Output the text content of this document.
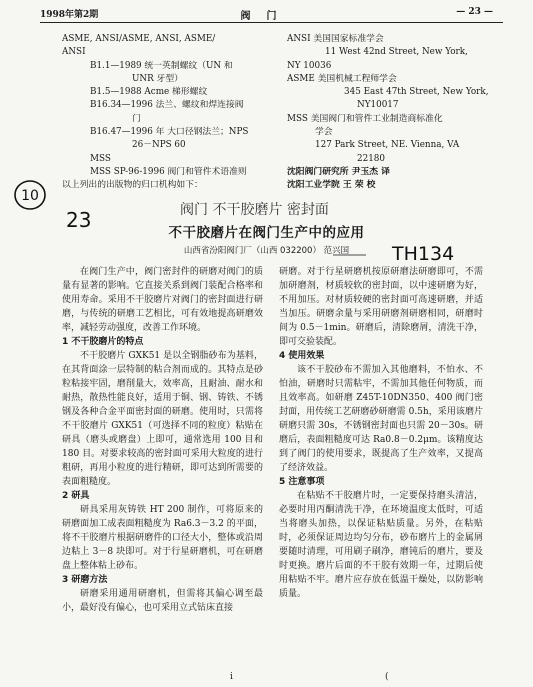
1998年第2期	阀门	— 23 —
ASME, ANSI/ASME, ANSI, ASME/
ANSI
B1.1—1989 统一英制螺纹（UN 和
UNR 牙型）
B1.5—1988 Acme 梯形螺纹
B16.34—1996 法兰、螺纹和焊连接阀
门
B16.47—1996 年 大口径钢法兰；NPS
26－NPS 60
MSS
MSS SP-96-1996 阀门和管件术语准则
以上列出的出版物的归口机构如下：
ANSI 美国国家标准学会
11 West 42nd Street, New York,
NY 10036
ASME 美国机械工程师学会
345 East 47th Street, New York,
NY10017
MSS 美国阀门和管件工业制造商标准化
学会
127 Park Street, NE. Vienna, VA
22180
沈阳阀门研究所 尹玉杰 译
沈阳工业学院 王 荣 校
10
23	阀门 不干胶磨片 密封面
TH134
不干胶磨片在阀门生产中的应用
山西省汾阳阀门厂（山西 032200） 范兴国

在阀门生产中，阀门密封件的研磨对阀门的质量有显著的影响。它直接关系到阀门装配合格率和使用寿命。采用不干胶磨片对阀门的密封面进行研磨，与传统的研磨工艺相比，可有效地提高研磨效率，减轻劳动强度，改善工作环境。

1 不干胶磨片的特点

不干胶磨片 GXK51 是以全钢脂砂布为基料，在其背面涂一层特制的粘合剂而成的。其特点是砂粒粘接牢固，磨削量大，效率高，且耐油、耐水和耐热，散热性能良好，适用于铜、钢、铸铁、不锈钢及各种合金平面密封面的研磨。使用时，只需将不干胶磨片 GXK51（可选择不同的粒度）粘贴在研具（磨头或磨盘）上即可，通常选用 100 目和 180 目。对要求较高的密封面可采用大粒度的进行粗研，再用小粒度的进行精研，即可达到所需要的表面粗糙度。

2 研具

研具采用灰铸铁 HT 200 制作，可将原来的研磨面加工成表面粗糙度为 Ra6.3－3.2 的平面，将不干胶磨片根据研磨件的口径大小，整体或沿周边粘上 3－8 块即可。对于行星研磨机，可在研磨盘上整体粘上砂布。

3 研磨方法

研磨采用通用研磨机，但需将其偏心调至最小，最好没有偏心，也可采用立式钻床直接

研磨。对于行星研磨机按原研磨法研磨即可，不需加研磨剂，材质较软的密封面，以中速研磨为好，不用加压。对材质较硬的密封面可高速研磨，并适当加压。研磨余量与采用研磨剂研磨相同，研磨时间为 0.5－1min。研磨后，清除磨屑，清洗干净，即可交验装配。

4 使用效果

该不干胶砂布不需加入其他磨料，不怕水、不怕油，研磨时只需粘牢，不需加其他任何物质，而且效率高。如研磨 Z45T-10DN350、400 阀门密封面，用传统工艺研磨砂研磨需 0.5h，采用该磨片研磨只需 30s，不锈钢密封面也只需 20－30s。研磨后，表面粗糙度可达 Ra0.8－0.2μm。该精度达到了阀门的使用要求，既提高了生产效率，又提高了经济效益。

5 注意事项

在粘贴不干胶磨片时，一定要保持磨头清洁，必要时用丙酮清洗干净，在环境温度太低时，可适当将磨头加热，以保证粘贴质量。另外，在粘贴时，必须保证周边均匀分布，砂布磨片上的金属屑要随时清理，可用刷子刷净，磨钝后的磨片，要及时更换。磨片后面的不干胶有效期一年，过期后使用粘贴不牢。磨片应存放在低温干燥处，以防影响质量。

i	(
